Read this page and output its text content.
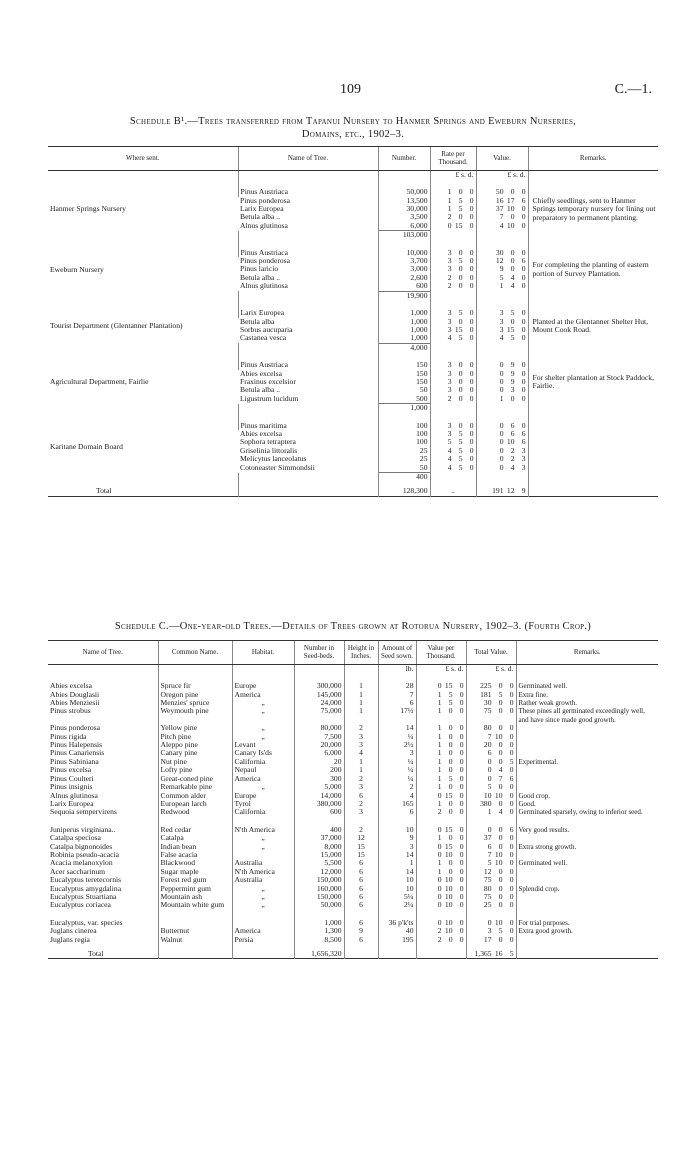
109	C.—1.
Schedule B¹.—Trees transferred from Tapanui Nursery to Hanmer Springs and Eweburn Nurseries,
Domains, etc., 1902–3.
Where sent.	Name of Tree.	Number.	Rate per Thousand.	Value.	Remarks.
			£ s. d.	£ s. d.	

Hanmer Springs Nursery	Pinus Austriaca	50,000	1 0 0	50 0 0	Chiefly seedlings, sent to Hanmer Springs temporary nursery for lining out preparatory to permanent planting.
	Pinus ponderosa	13,500	1 5 0	16 17 6	
	Larix Europea	30,000	1 5 0	37 10 0	
	Betula alba ..	3,500	2 0 0	7 0 0	
	Alnus glutinosa	6,000	0 15 0	4 10 0	
		103,000			

Eweburn Nursery	Pinus Austriaca	10,000	3 0 0	30 0 0	For completing the planting of eastern portion of Survey Plantation.
	Pinus ponderosa	3,700	3 5 0	12 0 6	
	Pinus laricio	3,000	3 0 0	9 0 0	
	Betula alba ..	2,600	2 0 0	5 4 0	
	Alnus glutinosa	600	2 0 0	1 4 0	
		19,900			

Tourist Department (Glentanner Plantation)	Larix Europea	1,000	3 5 0	3 5 0	Planted at the Glentanner Shelter Hut, Mount Cook Road.
	Betula alba	1,000	3 0 0	3 0 0	
	Sorbus aucuparia	1,000	3 15 0	3 15 0	
	Castanea vesca	1,000	4 5 0	4 5 0	
		4,000			

Agricultural Department, Fairlie	Pinus Austriaca	150	3 0 0	0 9 0	For shelter plantation at Stock Paddock, Fairlie.
	Abies excelsa	150	3 0 0	0 9 0	
	Fraxinus excelsior	150	3 0 0	0 9 0	
	Betula alba ..	50	3 0 0	0 3 0	
	Ligustrum lucidum	500	2 0 0	1 0 0	
		1,000			

Karitane Domain Board	Pinus maritima	100	3 0 0	0 6 0	
	Abies excelsa	100	3 5 0	0 6 6	
	Sophora tetraptera	100	5 5 0	0 10 6	
	Griselinia littoralis	25	4 5 0	0 2 3	
	Melicytus lanceolatus	25	4 5 0	0 2 3	
	Cotoneaster Simmondsii	50	4 5 0	0 4 3	
		400			
Total		128,300	..	191 12 9	

Schedule C.—One-year-old Trees.—Details of Trees grown at Rotorua Nursery, 1902–3. (Fourth Crop.)
Name of Tree.	Common Name.	Habitat.	Number in Seed-beds.	Height in Inches.	Amount of Seed sown.	Value per Thousand.	Total Value.	Remarks.
					lb.	£ s. d.	£ s. d.	

Abies excelsa	Spruce fir	Europe	300,000	1	28	0 15 0	225 0 0	Germinated well.
Abies Douglasii	Oregon pine	America	145,000	1	7	1 5 0	181 5 0	Extra fine.
Abies Menziesii	Menzies' spruce	„	24,000	1	6	1 5 0	30 0 0	Rather weak growth.
Pinus strobus	Weymouth pine	„	75,000	1	17½	1 0 0	75 0 0	These pines all germinated exceedingly well, and have since made good growth.
Pinus ponderosa	Yellow pine	„	80,000	2	14	1 0 0	80 0 0	
Pinus rigida	Pitch pine	„	7,500	3	¼	1 0 0	7 10 0	
Pinus Halepensis	Aleppo pine	Levant	20,000	3	2½	1 0 0	20 0 0	
Pinus Canariensis	Canary pine	Canary Is'ds	6,000	4	3	1 0 0	6 0 0	
Pinus Sabiniana	Nut pine	California	20	1	¼	1 0 0	0 0 5	Experimental.
Pinus excelsa	Lofty pine	Nepaul	200	1	¼	1 0 0	0 4 0	
Pinus Coulteri	Great-coned pine	America	300	2	¼	1 5 0	0 7 6	
Pinus insignis	Remarkable pine	„	5,000	3	2	1 0 0	5 0 0	
Alnus glutinosa	Common alder	Europe	14,000	6	4	0 15 0	10 10 0	Good crop.
Larix Europea	European larch	Tyrol	380,000	2	165	1 0 0	380 0 0	Good.
Sequoia sempervirens	Redwood	California	600	3	6	2 0 0	1 4 0	Germinated sparsely, owing to inferior seed.

Juniperus virginiana..	Red cedar	N'th America	400	2	10	0 15 0	0 0 6	Very good results.
Catalpa speciosa	Catalpa	„	37,000	12	9	1 0 0	37 0 0	
Catalpa bignonoides	Indian bean	„	8,000	15	3	0 15 0	6 0 0	Extra strong growth.
Robinia pseudo-acacia	False acacia		15,000	15	14	0 10 0	7 10 0	
Acacia melanoxylon	Blackwood	Australia	5,500	6	1	1 0 0	5 10 0	Germinated well.
Acer saccharinum	Sugar maple	N'th America	12,000	6	14	1 0 0	12 0 0	
Eucalyptus teretecornis	Forest red gum	Australia	150,000	6	10	0 10 0	75 0 0	
Eucalyptus amygdalina	Peppermint gum	„	160,000	6	10	0 10 0	80 0 0	Splendid crop.
Eucalyptus Stuartiana	Mountain ash	„	150,000	6	5¼	0 10 0	75 0 0	
Eucalyptus coriacea	Mountain white gum	„	50,000	6	2¼	0 10 0	25 0 0	

Eucalyptus, var. species			1,000	6	36 p'k'ts	0 10 0	0 10 0	For trial purposes.
Juglans cinerea	Butternut	America	1,300	9	40	2 10 0	3 5 0	Extra good growth.
Juglans regia	Walnut	Persia	8,500	6	195	2 0 0	17 0 0	
Total			1,656,320				1,365 16 5	
